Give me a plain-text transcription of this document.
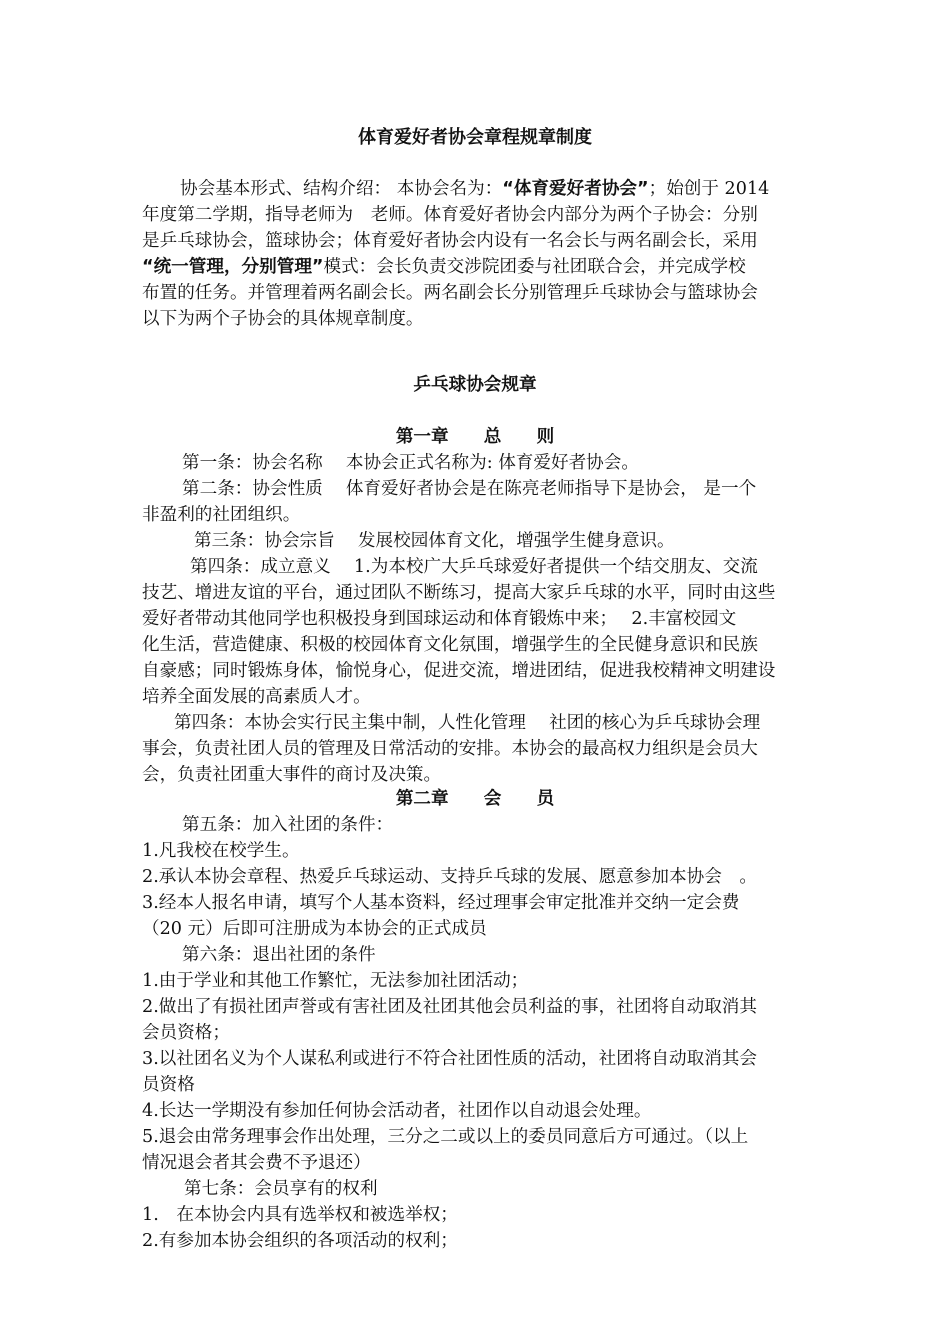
体育爱好者协会章程规章制度
协会基本形式、结构介绍： 本协会名为：“体育爱好者协会”；始创于 2014
年度第二学期，指导老师为　老师。体育爱好者协会内部分为两个子协会：分别
是乒乓球协会，篮球协会；体育爱好者协会内设有一名会长与两名副会长，采用
“统一管理，分别管理”模式：会长负责交涉院团委与社团联合会，并完成学校
布置的任务。并管理着两名副会长。两名副会长分别管理乒乓球协会与篮球协会
以下为两个子协会的具体规章制度。
乒乓球协会规章
第一章　　总　　则
第一条：协会名称　 本协会正式名称为: 体育爱好者协会。
第二条：协会性质　 体育爱好者协会是在陈亮老师指导下是协会， 是一个
非盈利的社团组织。
第三条：协会宗旨　 发展校园体育文化，增强学生健身意识。
第四条：成立意义　 1.为本校广大乒乓球爱好者提供一个结交朋友、交流
技艺、增进友谊的平台，通过团队不断练习，提高大家乒乓球的水平，同时由这些
爱好者带动其他同学也积极投身到国球运动和体育锻炼中来；　 2.丰富校园文
化生活，营造健康、积极的校园体育文化氛围，增强学生的全民健身意识和民族
自豪感；同时锻炼身体，愉悦身心，促进交流，增进团结，促进我校精神文明建设
培养全面发展的高素质人才。
第四条：本协会实行民主集中制，人性化管理　 社团的核心为乒乓球协会理
事会，负责社团人员的管理及日常活动的安排。本协会的最高权力组织是会员大
会，负责社团重大事件的商讨及决策。
第二章　　会　　员
第五条：加入社团的条件：
1.凡我校在校学生。
2.承认本协会章程、热爱乒乓球运动、支持乒乓球的发展、愿意参加本协会　。
3.经本人报名申请，填写个人基本资料，经过理事会审定批准并交纳一定会费
（20 元）后即可注册成为本协会的正式成员
第六条：退出社团的条件
1.由于学业和其他工作繁忙，无法参加社团活动；
2.做出了有损社团声誉或有害社团及社团其他会员利益的事，社团将自动取消其
会员资格；
3.以社团名义为个人谋私利或进行不符合社团性质的活动，社团将自动取消其会
员资格
4.长达一学期没有参加任何协会活动者，社团作以自动退会处理。
5.退会由常务理事会作出处理，三分之二或以上的委员同意后方可通过。（以上
情况退会者其会费不予退还）
第七条：会员享有的权利
1.　在本协会内具有选举权和被选举权；
2.有参加本协会组织的各项活动的权利；
